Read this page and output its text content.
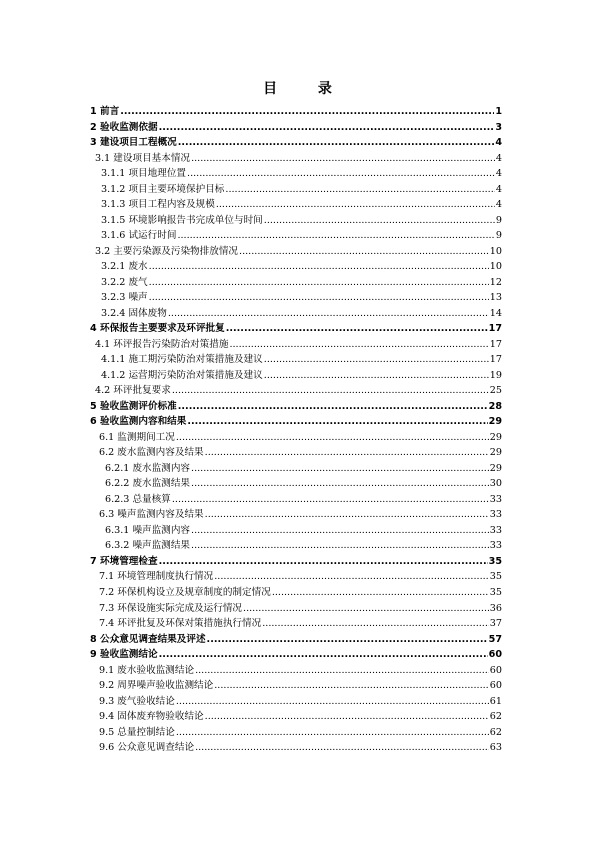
目 录
1 前言 .....	1
2 验收监测依据 .....	3
3 建设项目工程概况 .....	4
3.1 建设项目基本情况 .....	4
3.1.1 项目地理位置 .....	4
3.1.2 项目主要环境保护目标 .....	4
3.1.3 项目工程内容及规模 .....	4
3.1.5 环境影响报告书完成单位与时间 .....	9
3.1.6 试运行时间 .....	9
3.2 主要污染源及污染物排放情况 .....	10
3.2.1 废水 .....	10
3.2.2 废气 .....	12
3.2.3 噪声 .....	13
3.2.4 固体废物 .....	14
4 环保报告主要要求及环评批复 .....	17
4.1 环评报告污染防治对策措施 .....	17
4.1.1 施工期污染防治对策措施及建议 .....	17
4.1.2 运营期污染防治对策措施及建议 .....	19
4.2 环评批复要求 .....	25
5 验收监测评价标准 .....	28
6 验收监测内容和结果 .....	29
6.1 监测期间工况 .....	29
6.2 废水监测内容及结果 .....	29
6.2.1 废水监测内容 .....	29
6.2.2 废水监测结果 .....	30
6.2.3 总量核算 .....	33
6.3 噪声监测内容及结果 .....	33
6.3.1 噪声监测内容 .....	33
6.3.2 噪声监测结果 .....	33
7 环境管理检查 .....	35
7.1 环境管理制度执行情况 .....	35
7.2 环保机构设立及规章制度的制定情况 .....	35
7.3 环保设施实际完成及运行情况 .....	36
7.4 环评批复及环保对策措施执行情况 .....	37
8 公众意见调查结果及评述 .....	57
9 验收监测结论 .....	60
9.1 废水验收监测结论 .....	60
9.2 周界噪声验收监测结论 .....	60
9.3 废气验收结论 .....	61
9.4 固体废弃物验收结论 .....	62
9.5 总量控制结论 .....	62
9.6 公众意见调查结论 .....	63
